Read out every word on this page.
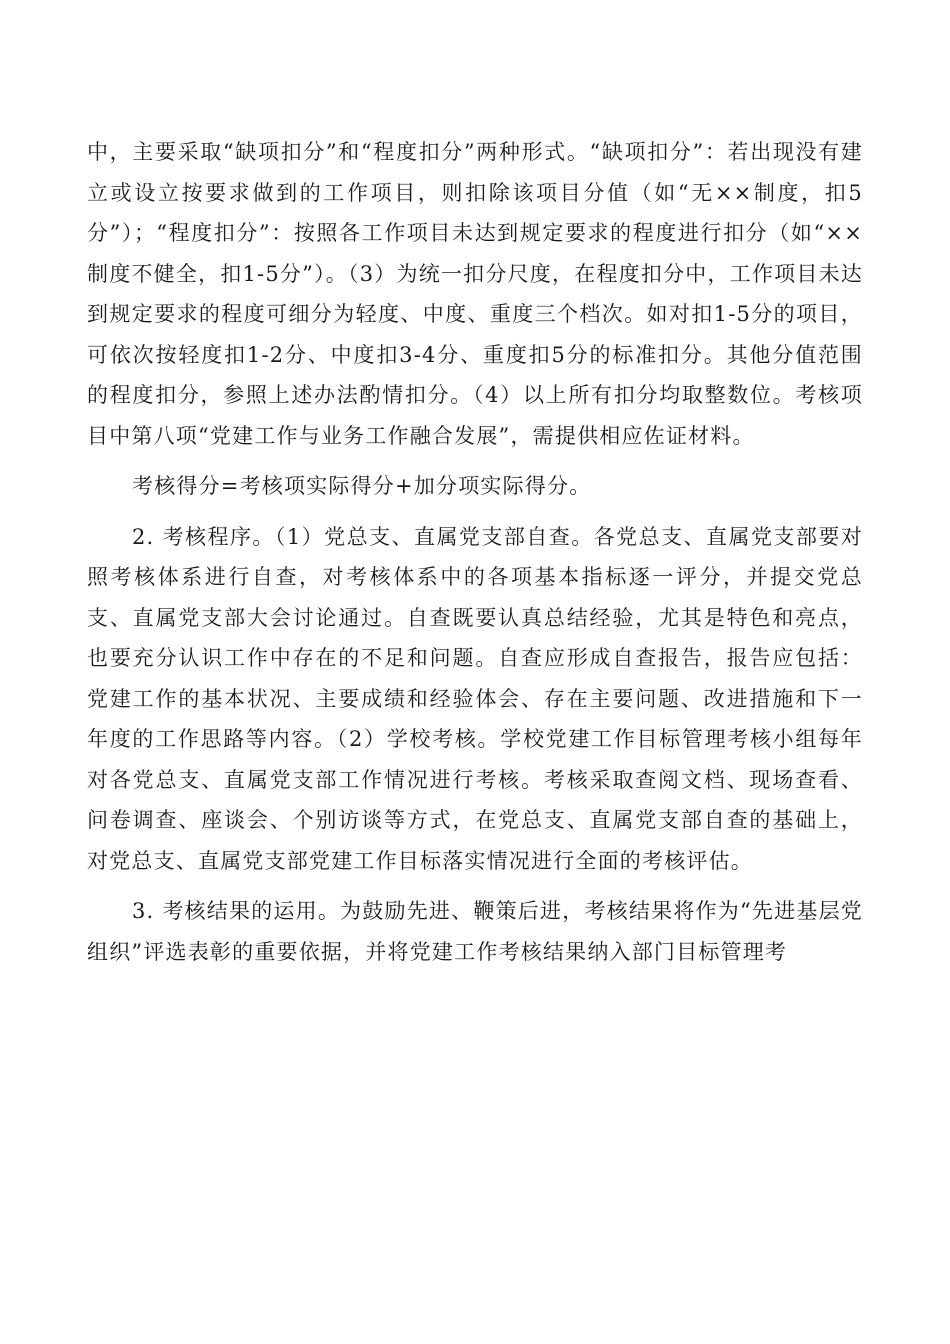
中，主要采取“缺项扣分”和“程度扣分”两种形式。“缺项扣分”：若出现没有建立或设立按要求做到的工作项目，则扣除该项目分值（如“无××制度，扣5分”）；“程度扣分”：按照各工作项目未达到规定要求的程度进行扣分（如“××制度不健全，扣1-5分”）。（3）为统一扣分尺度，在程度扣分中，工作项目未达到规定要求的程度可细分为轻度、中度、重度三个档次。如对扣1-5分的项目，可依次按轻度扣1-2分、中度扣3-4分、重度扣5分的标准扣分。其他分值范围的程度扣分，参照上述办法酌情扣分。（4）以上所有扣分均取整数位。考核项目中第八项“党建工作与业务工作融合发展”，需提供相应佐证材料。

考核得分=考核项实际得分+加分项实际得分。

2. 考核程序。（1）党总支、直属党支部自查。各党总支、直属党支部要对照考核体系进行自查，对考核体系中的各项基本指标逐一评分，并提交党总支、直属党支部大会讨论通过。自查既要认真总结经验，尤其是特色和亮点，也要充分认识工作中存在的不足和问题。自查应形成自查报告，报告应包括：党建工作的基本状况、主要成绩和经验体会、存在主要问题、改进措施和下一年度的工作思路等内容。（2）学校考核。学校党建工作目标管理考核小组每年对各党总支、直属党支部工作情况进行考核。考核采取查阅文档、现场查看、问卷调查、座谈会、个别访谈等方式，在党总支、直属党支部自查的基础上，对党总支、直属党支部党建工作目标落实情况进行全面的考核评估。

3. 考核结果的运用。为鼓励先进、鞭策后进，考核结果将作为“先进基层党组织”评选表彰的重要依据，并将党建工作考核结果纳入部门目标管理考
